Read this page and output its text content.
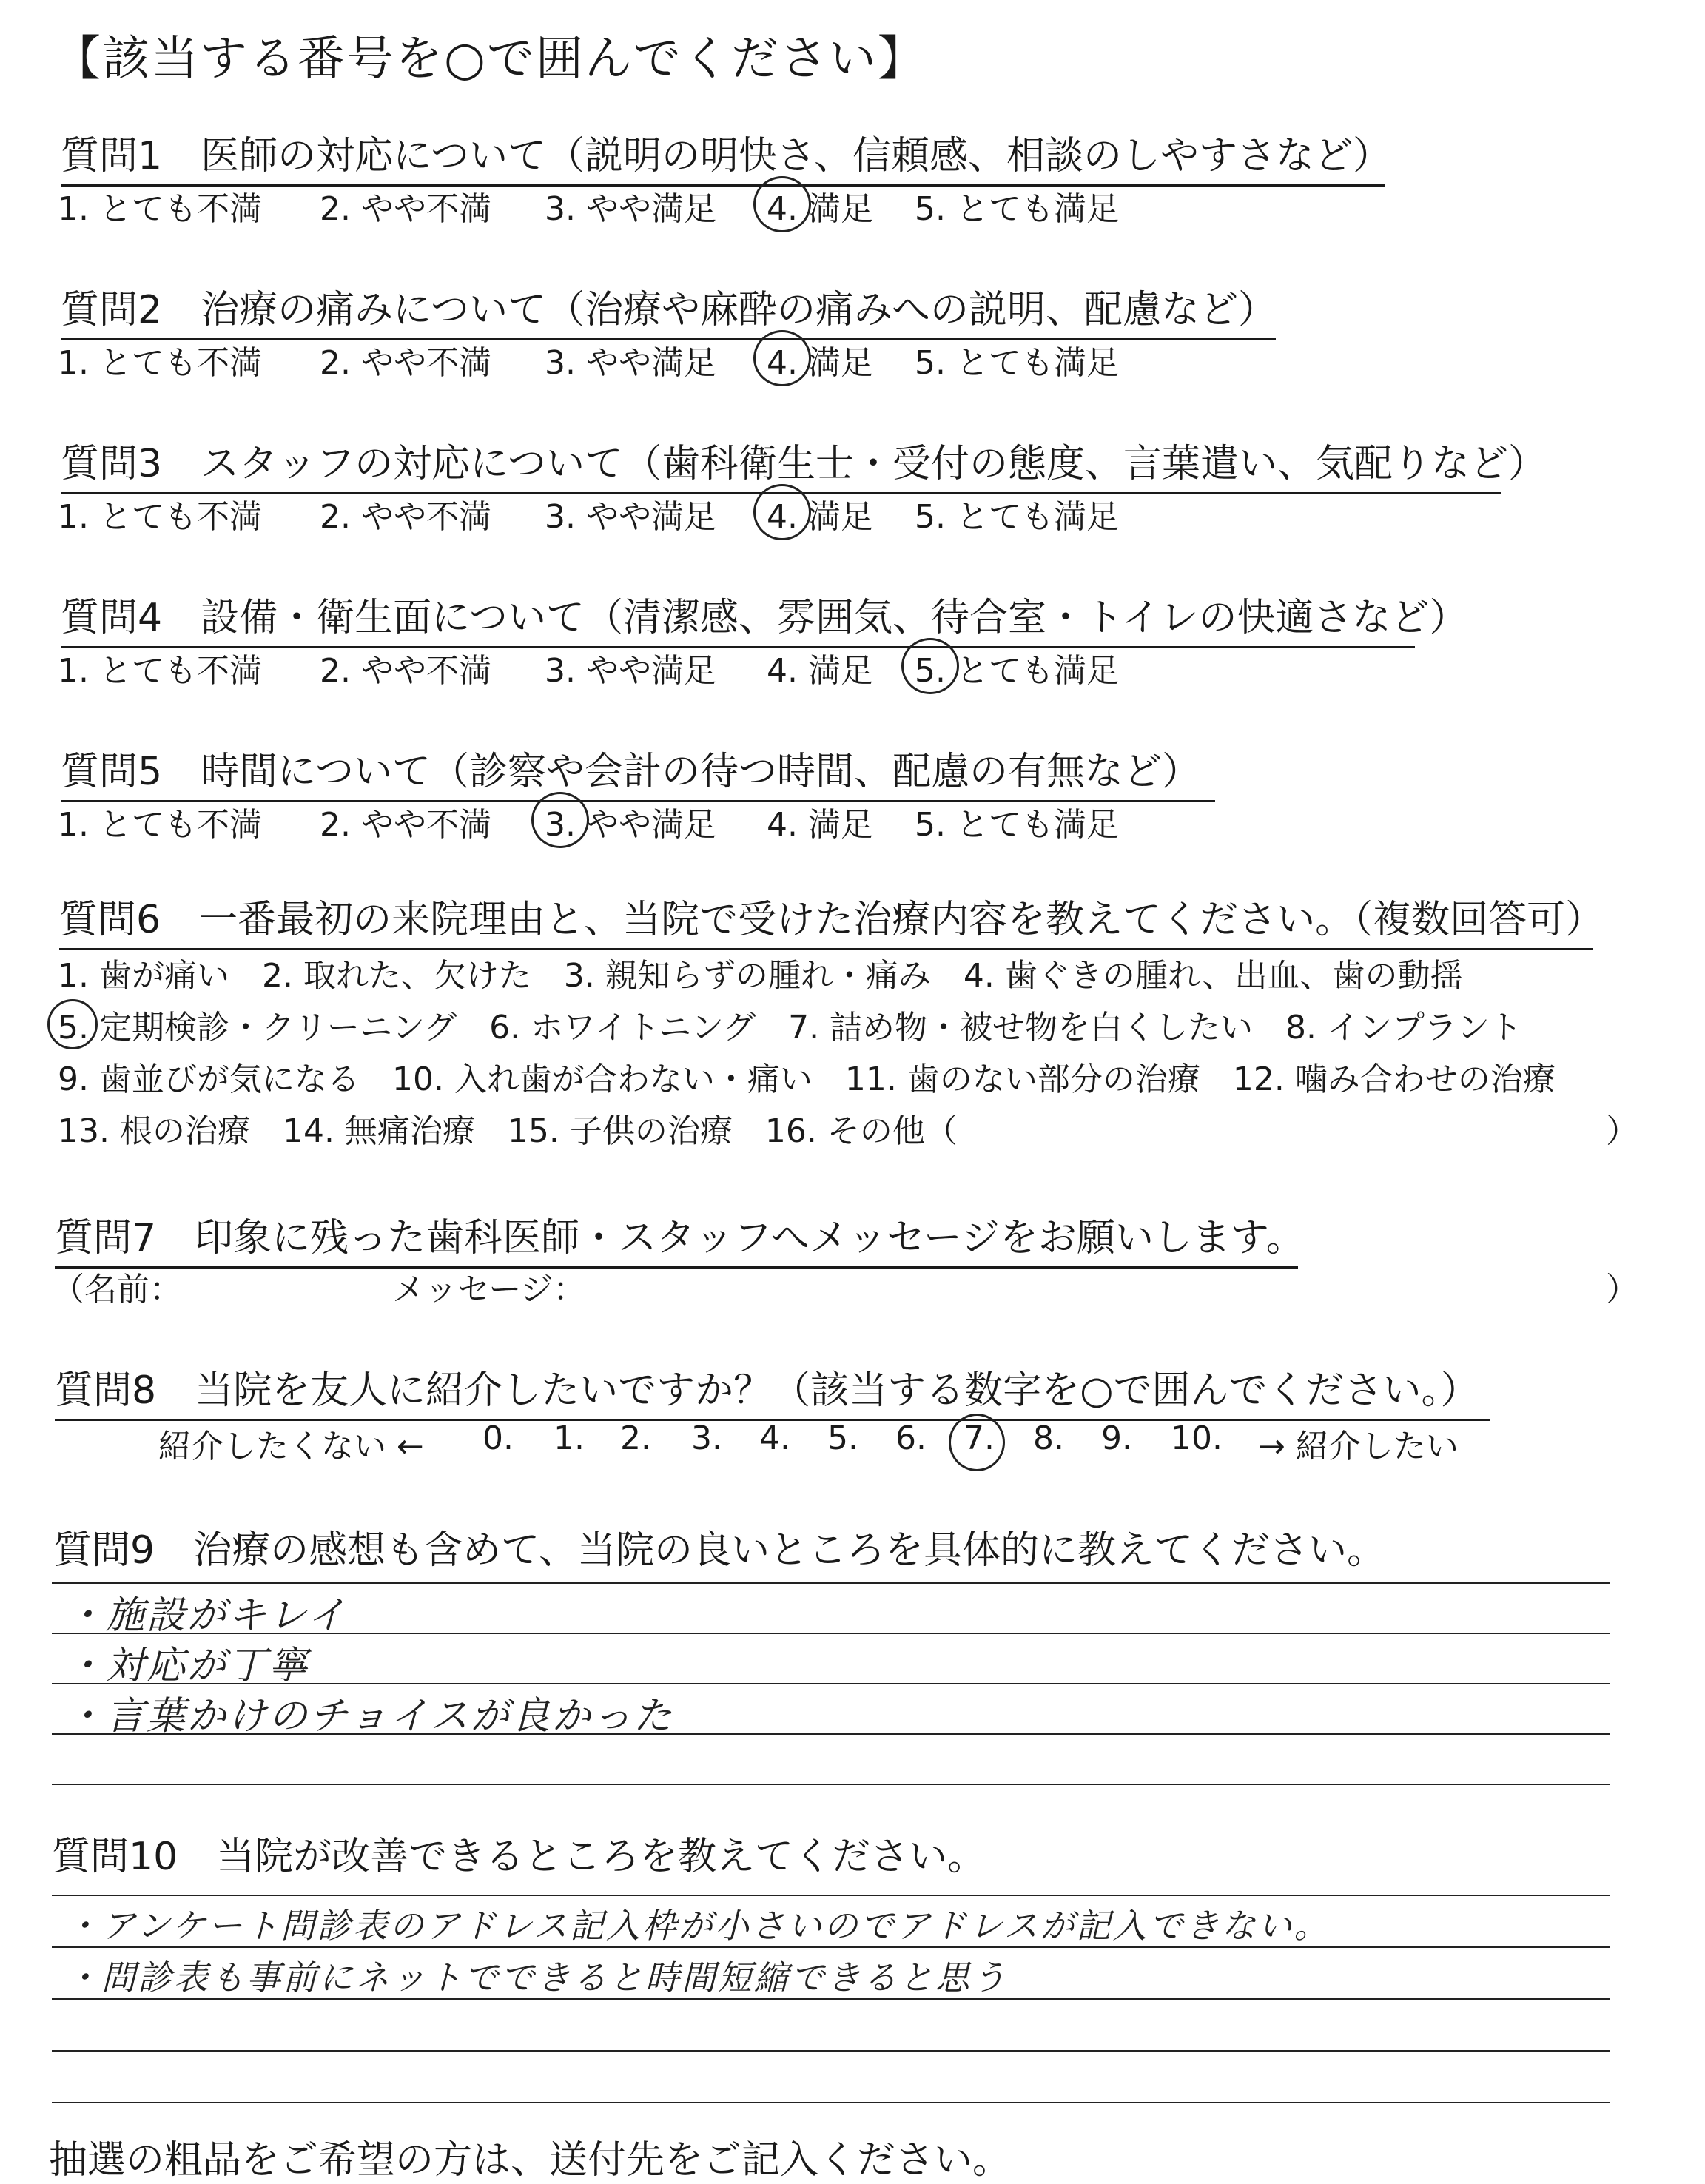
【該当する番号を○で囲んでください】
質問1　医師の対応について（説明の明快さ、信頼感、相談のしやすさなど）
1. とても不満 2. やや不満 3. やや満足 4. 満足 5. とても満足
質問2　治療の痛みについて（治療や麻酔の痛みへの説明、配慮など）
1. とても不満 2. やや不満 3. やや満足 4. 満足 5. とても満足
質問3　スタッフの対応について（歯科衛生士・受付の態度、言葉遣い、気配りなど）
1. とても不満 2. やや不満 3. やや満足 4. 満足 5. とても満足
質問4　設備・衛生面について（清潔感、雰囲気、待合室・トイレの快適さなど）
1. とても不満 2. やや不満 3. やや満足 4. 満足 5. とても満足
質問5　時間について（診察や会計の待つ時間、配慮の有無など）
1. とても不満 2. やや不満 3. やや満足 4. 満足 5. とても満足
質問6　一番最初の来院理由と、当院で受けた治療内容を教えてください。（複数回答可）
1. 歯が痛い　2. 取れた、欠けた　3. 親知らずの腫れ・痛み　4. 歯ぐきの腫れ、出血、歯の動揺
5. 定期検診・クリーニング　6. ホワイトニング　7. 詰め物・被せ物を白くしたい　8. インプラント
9. 歯並びが気になる　10. 入れ歯が合わない・痛い　11. 歯のない部分の治療　12. 噛み合わせの治療
13. 根の治療　14. 無痛治療　15. 子供の治療　16. その他（	）
質問7　印象に残った歯科医師・スタッフへメッセージをお願いします。
（名前：	メッセージ：	）
質問8　当院を友人に紹介したいですか？（該当する数字を○で囲んでください。）
紹介したくない ← 0. 1. 2. 3. 4. 5. 6. 7. 8. 9. 10. → 紹介したい
質問9　治療の感想も含めて、当院の良いところを具体的に教えてください。
・施設がキレイ
・対応が丁寧
・言葉かけのチョイスが良かった
質問10　当院が改善できるところを教えてください。
・アンケート問診表のアドレス記入枠が小さいのでアドレスが記入できない。
・問診表も事前にネットでできると時間短縮できると思う
抽選の粗品をご希望の方は、送付先をご記入ください。
